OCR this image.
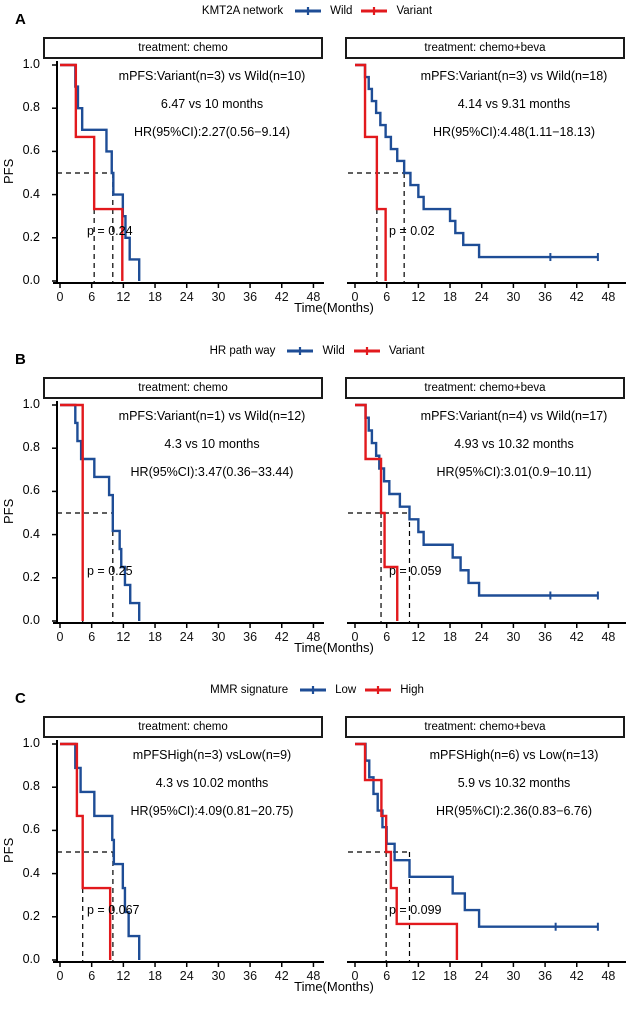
KMT2A network	Wild	Variant
A
PFS
1.0
0.8
0.6
0.4
0.2
0.0
treatment: chemo	treatment: chemo+beva
0 6 12 18 24 30 36 42 48
mPFS:Variant(n=3) vs Wild(n=10)
6.47 vs 10 months
HR(95%CI):2.27(0.56−9.14)
p = 0.24
0 6 12 18 24 30 36 42 48
mPFS:Variant(n=3) vs Wild(n=18)
4.14 vs 9.31 months
HR(95%CI):4.48(1.11−18.13)
p = 0.02
Time(Months)
HR path way	Wild	Variant
B
PFS
1.0
0.8
0.6
0.4
0.2
0.0
treatment: chemo	treatment: chemo+beva
0 6 12 18 24 30 36 42 48
mPFS:Variant(n=1) vs Wild(n=12)
4.3 vs 10 months
HR(95%CI):3.47(0.36−33.44)
p = 0.25
0 6 12 18 24 30 36 42 48
mPFS:Variant(n=4) vs Wild(n=17)
4.93 vs 10.32 months
HR(95%CI):3.01(0.9−10.11)
p = 0.059
Time(Months)
MMR signature	Low	High
C
PFS
1.0
0.8
0.6
0.4
0.2
0.0
treatment: chemo	treatment: chemo+beva
0 6 12 18 24 30 36 42 48
mPFSHigh(n=3) vsLow(n=9)
4.3 vs 10.02 months
HR(95%CI):4.09(0.81−20.75)
p = 0.067
0 6 12 18 24 30 36 42 48
mPFSHigh(n=6) vs Low(n=13)
5.9 vs 10.32 months
HR(95%CI):2.36(0.83−6.76)
p = 0.099
Time(Months)
